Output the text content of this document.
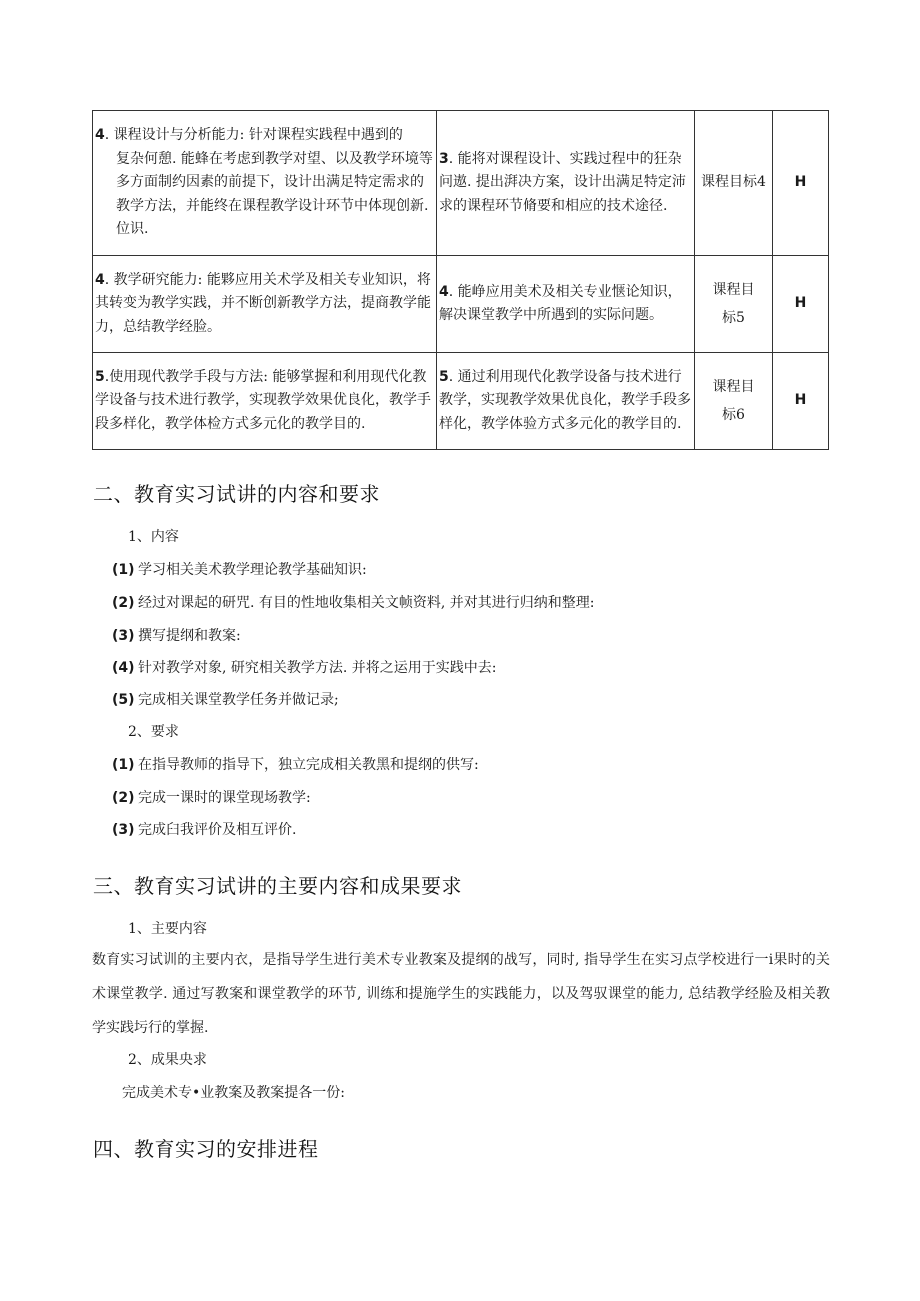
4. 课程设计与分析能力: 针对课程实践程中遇到的
复杂何憩. 能蜂在考虑到教学对望、以及教学环境等多方面制约因素的前提下，设计出满足特定需求的教学方法，并能终在课程教学设计环节中体现创新. 位识.	3. 能将对课程设计、实践过程中的狂杂问遨. 提出湃决方案，设计出满足特定沛求的课程环节脩要和相应的技术途径.	课程目标4	H
4. 教学研究能力: 能夥应用关术学及相关专业知识，将其转变为教学实践，并不断创新教学方法，提商教学能力，总结教学经脸。	4. 能峥应用美术及相关专业惬论知识，解决课堂教学中所遇到的实际问题。	课程目标5	H
5.使用现代教学手段与方法: 能够掌握和利用现代化教学设备与技术进行教学，实现教学效果优良化，教学手段多样化，教学体检方式多元化的教学目的.	5. 通过利用现代化教学设备与技术进行教学，实现教学效果优良化，教学手段多样化，教学体验方式多元化的教学目的.	课程目标6	H
二、教育实习试讲的内容和要求
1、内容
(1) 学习相关美术教学理论教学基础知识:
(2) 经过对课起的研咒. 有目的性地收集相关文帧资料, 并对其进行归纳和整理:
(3) 撰写提纲和教案:
(4) 针对教学对象, 研究相关教学方法. 并将之运用于实践中去:
(5) 完成相关课堂教学任务并做记录;
2、要求
(1) 在指导教师的指导下，独立完成相关教黑和提纲的供写:
(2) 完成一课时的课堂现场教学:
(3) 完成臼我评价及相互评价.
三、教育实习试讲的主要内容和成果要求
1、主要内容
数育实习试训的主要内衣，是指导学生进行美术专业教案及提纲的战写，同时, 指导学生在实习点学校进行一i果时的关术课堂教学. 通过写教案和课堂教学的环节, 训练和提施学生的实践能力，以及驾驭课堂的能力, 总结教学经脸及相关教学实践圬行的掌握.
2、成果央求
完成美术专•业教案及教案提各一份:
四、教育实习的安排进程
